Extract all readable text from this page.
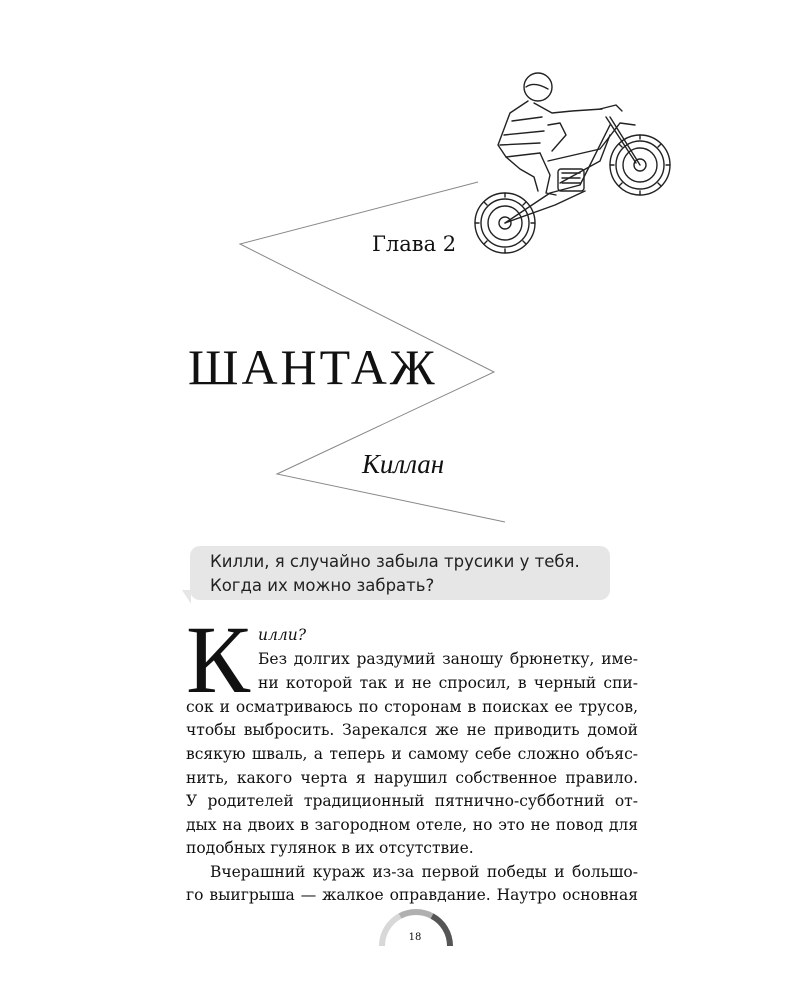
Глава 2
ШАНТАЖ
Киллан
Килли, я случайно забыла трусики у тебя.
Когда их можно забрать?
К илли?
Без долгих раздумий заношу брюнетку, име-
ни которой так и не спросил, в черный спи-
сок и осматриваюсь по сторонам в поисках ее трусов,
чтобы выбросить. Зарекался же не приводить домой
всякую шваль, а теперь и самому себе сложно объяс-
нить, какого черта я нарушил собственное правило.
У родителей традиционный пятнично-субботний от-
дых на двоих в загородном отеле, но это не повод для
подобных гулянок в их отсутствие.
Вчерашний кураж из-за первой победы и большо-
го выигрыша — жалкое оправдание. Наутро основная
18
